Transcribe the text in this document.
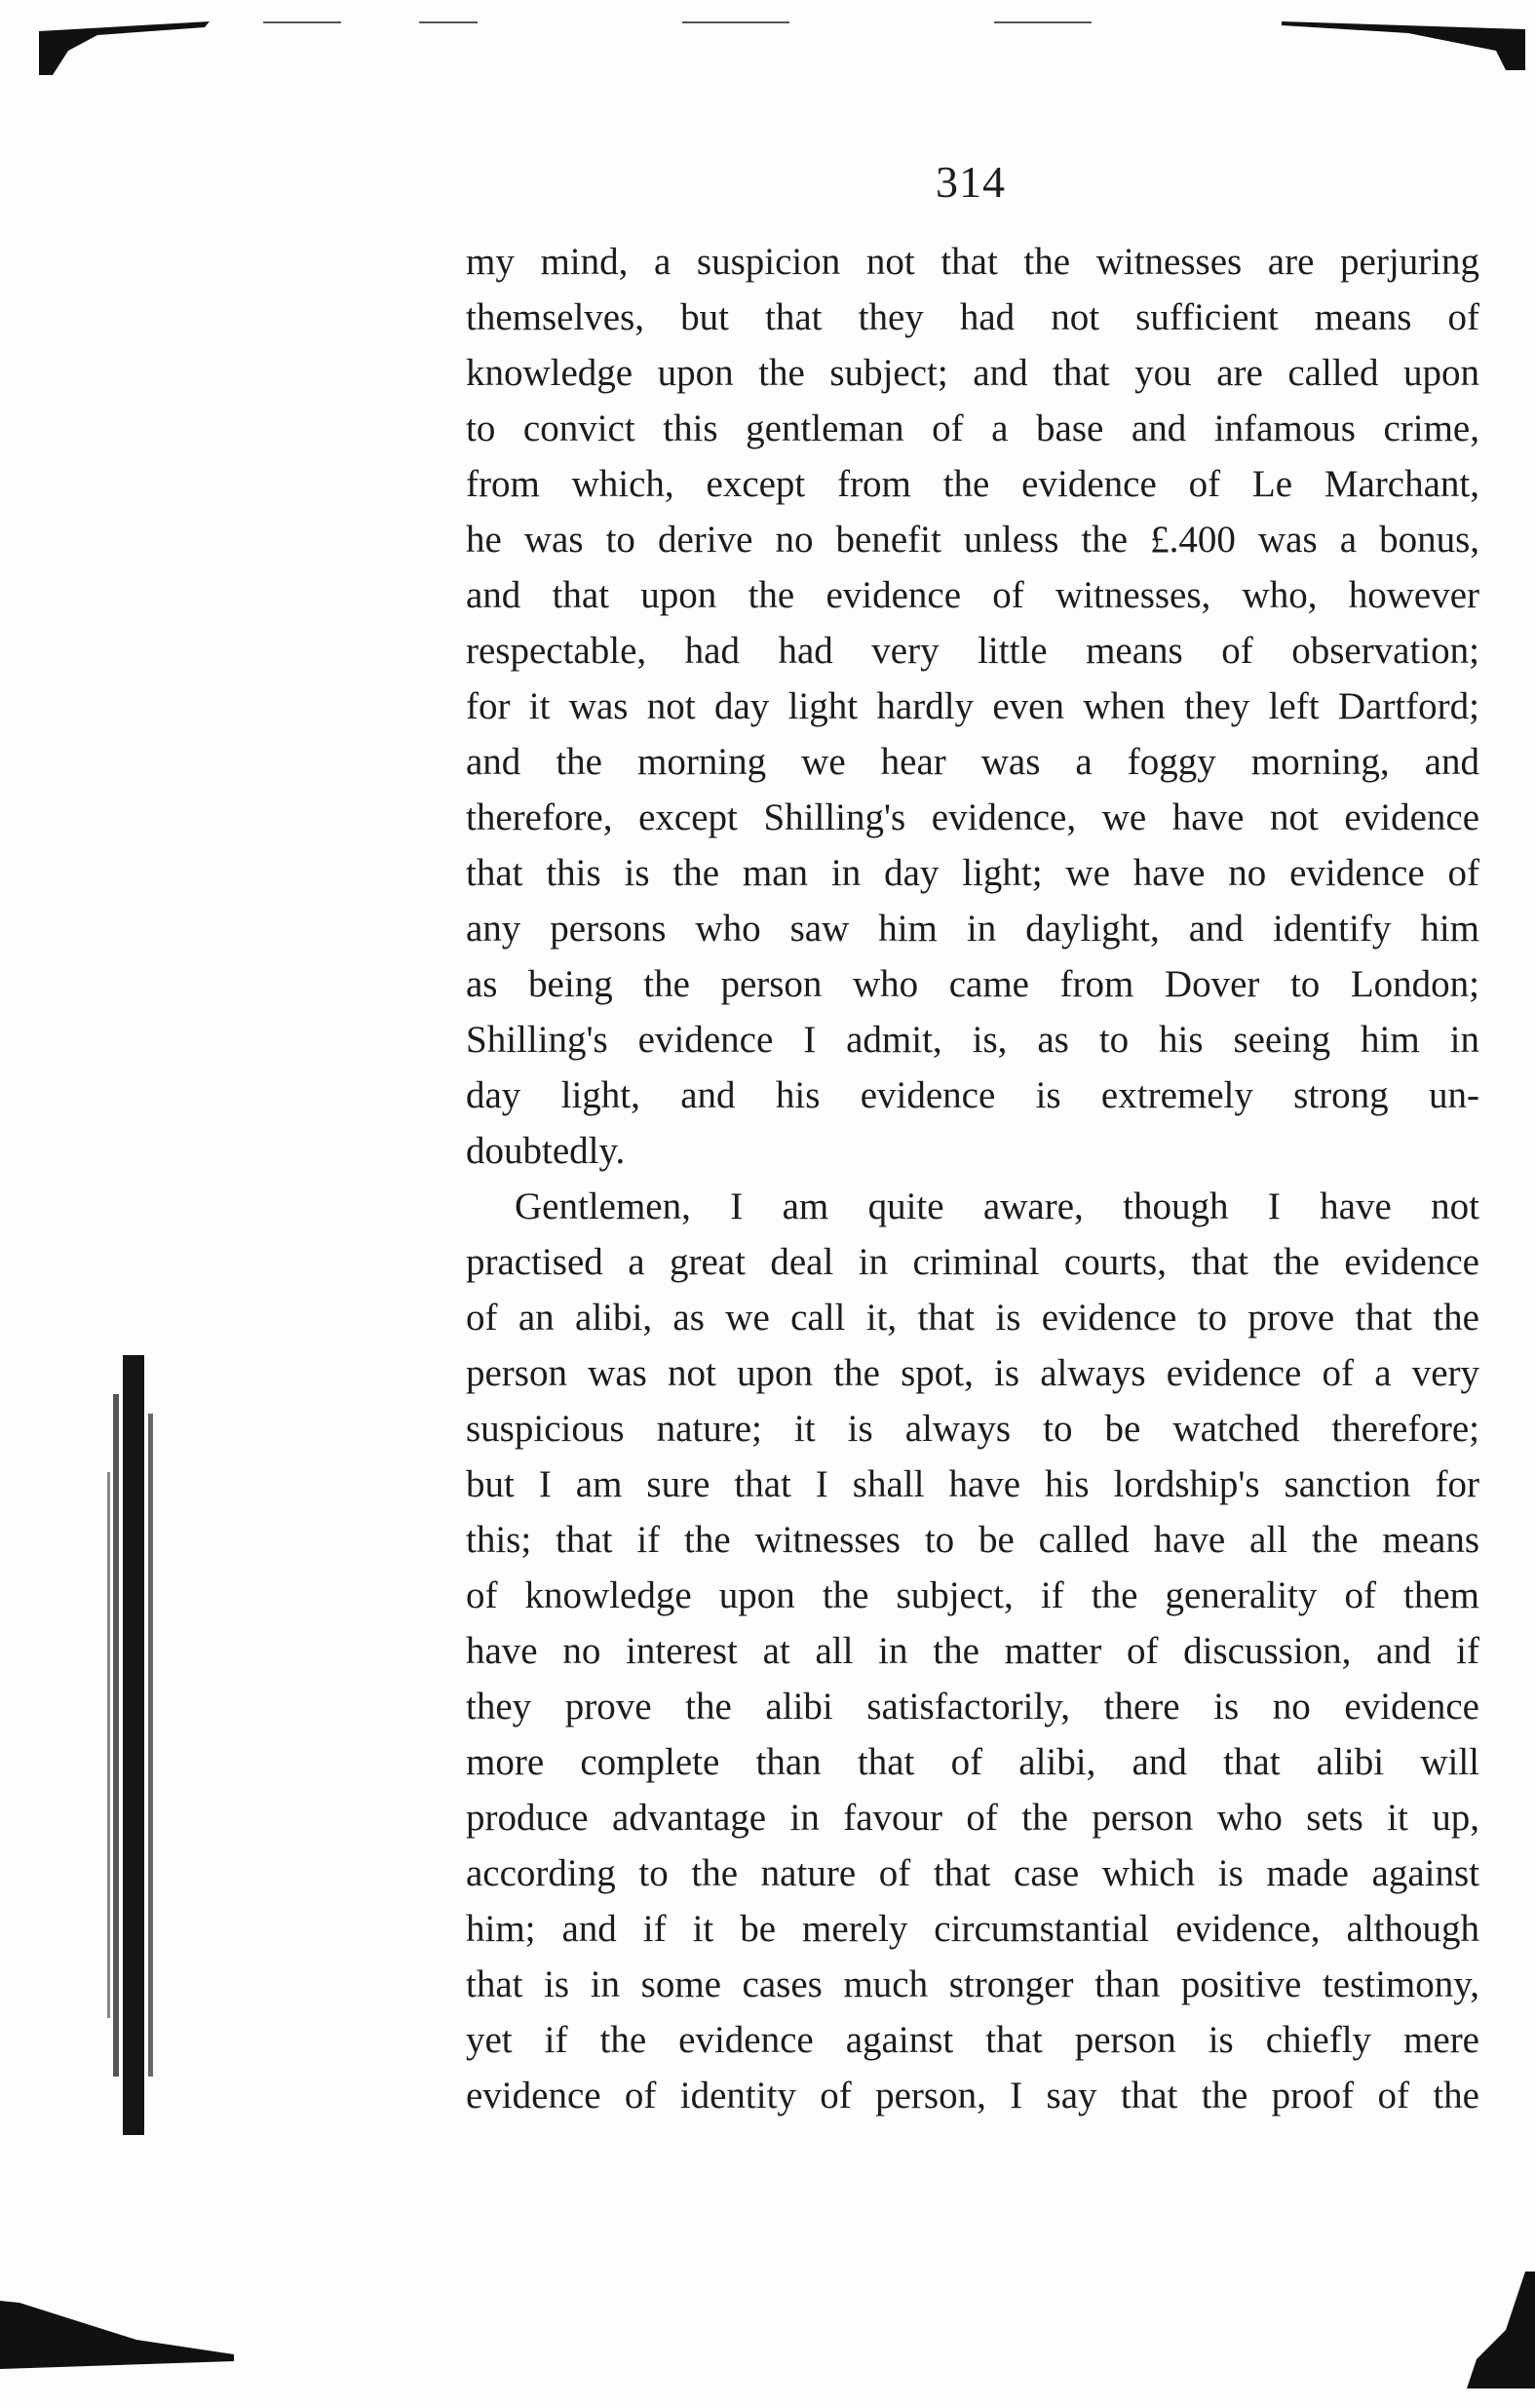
314
my mind, a suspicion not that the witnesses are perjuring
themselves, but that they had not sufficient means of
knowledge upon the subject; and that you are called upon
to convict this gentleman of a base and infamous crime,
from which, except from the evidence of Le Marchant,
he was to derive no benefit unless the £.400 was a bonus,
and that upon the evidence of witnesses, who, however
respectable, had had very little means of observation;
for it was not day light hardly even when they left Dartford;
and the morning we hear was a foggy morning, and
therefore, except Shilling's evidence, we have not evidence
that this is the man in day light; we have no evidence of
any persons who saw him in daylight, and identify him
as being the person who came from Dover to London;
Shilling's evidence I admit, is, as to his seeing him in
day light, and his evidence is extremely strong un-
doubtedly.
Gentlemen, I am quite aware, though I have not
practised a great deal in criminal courts, that the evidence
of an alibi, as we call it, that is evidence to prove that the
person was not upon the spot, is always evidence of a very
suspicious nature; it is always to be watched therefore;
but I am sure that I shall have his lordship's sanction for
this; that if the witnesses to be called have all the means
of knowledge upon the subject, if the generality of them
have no interest at all in the matter of discussion, and if
they prove the alibi satisfactorily, there is no evidence
more complete than that of alibi, and that alibi will
produce advantage in favour of the person who sets it up,
according to the nature of that case which is made against
him; and if it be merely circumstantial evidence, although
that is in some cases much stronger than positive testimony,
yet if the evidence against that person is chiefly mere
evidence of identity of person, I say that the proof of the
